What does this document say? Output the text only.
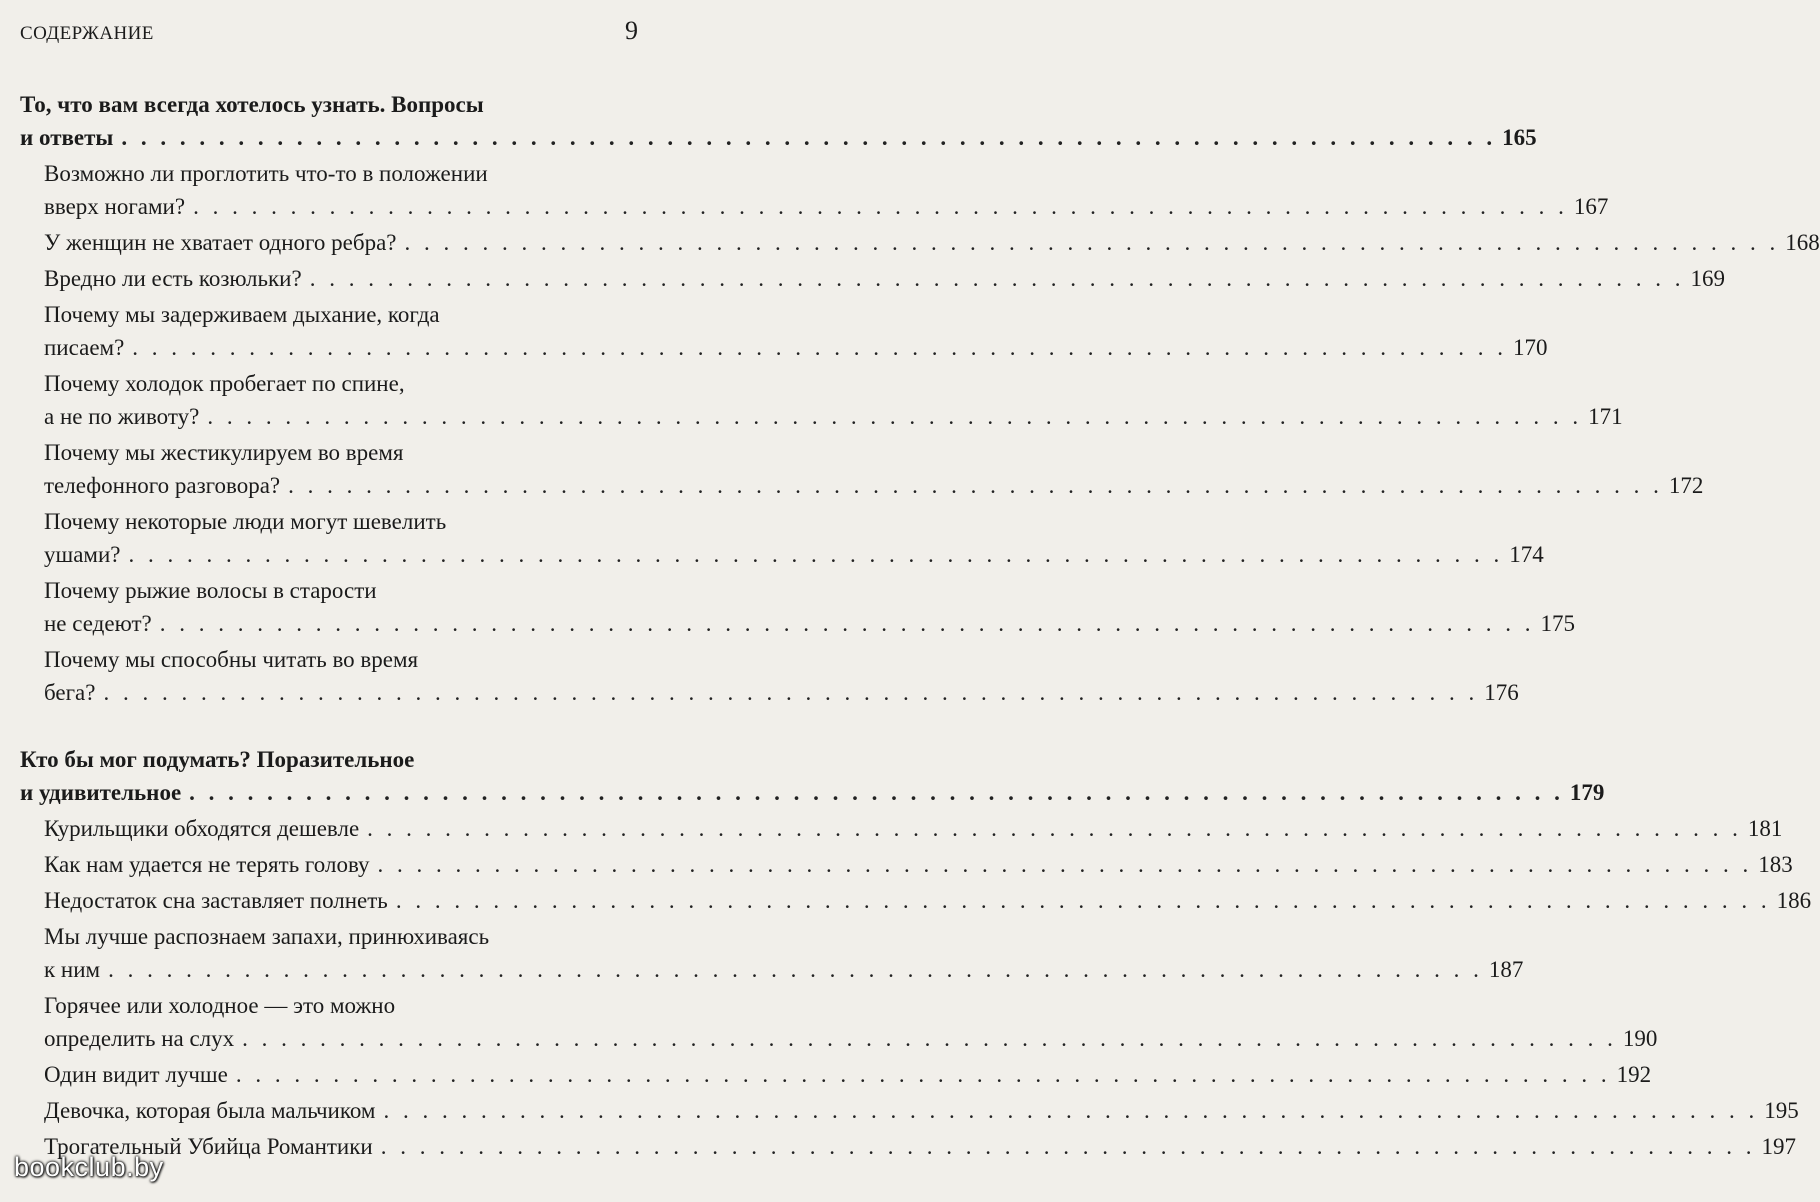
СОДЕРЖАНИЕ	9
То, что вам всегда хотелось узнать. Вопросы
и ответы . . .	165
Возможно ли проглотить что-то в положении
вверх ногами? . . .	167
У женщин не хватает одного ребра? . . .	168
Вредно ли есть козюльки? . . .	169
Почему мы задерживаем дыхание, когда
писаем? . . .	170
Почему холодок пробегает по спине,
а не по животу? . . .	171
Почему мы жестикулируем во время
телефонного разговора? . . .	172
Почему некоторые люди могут шевелить
ушами? . . .	174
Почему рыжие волосы в старости
не седеют? . . .	175
Почему мы способны читать во время
бега? . . .	176
Кто бы мог подумать? Поразительное
и удивительное . . .	179
Курильщики обходятся дешевле . . .	181
Как нам удается не терять голову . . .	183
Недостаток сна заставляет полнеть . . .	186
Мы лучше распознаем запахи, принюхиваясь
к ним . . .	187
Горячее или холодное — это можно
определить на слух . . .	190
Один видит лучше . . .	192
Девочка, которая была мальчиком . . .	195
Трогательный Убийца Романтики . . .	197
bookclub.by
